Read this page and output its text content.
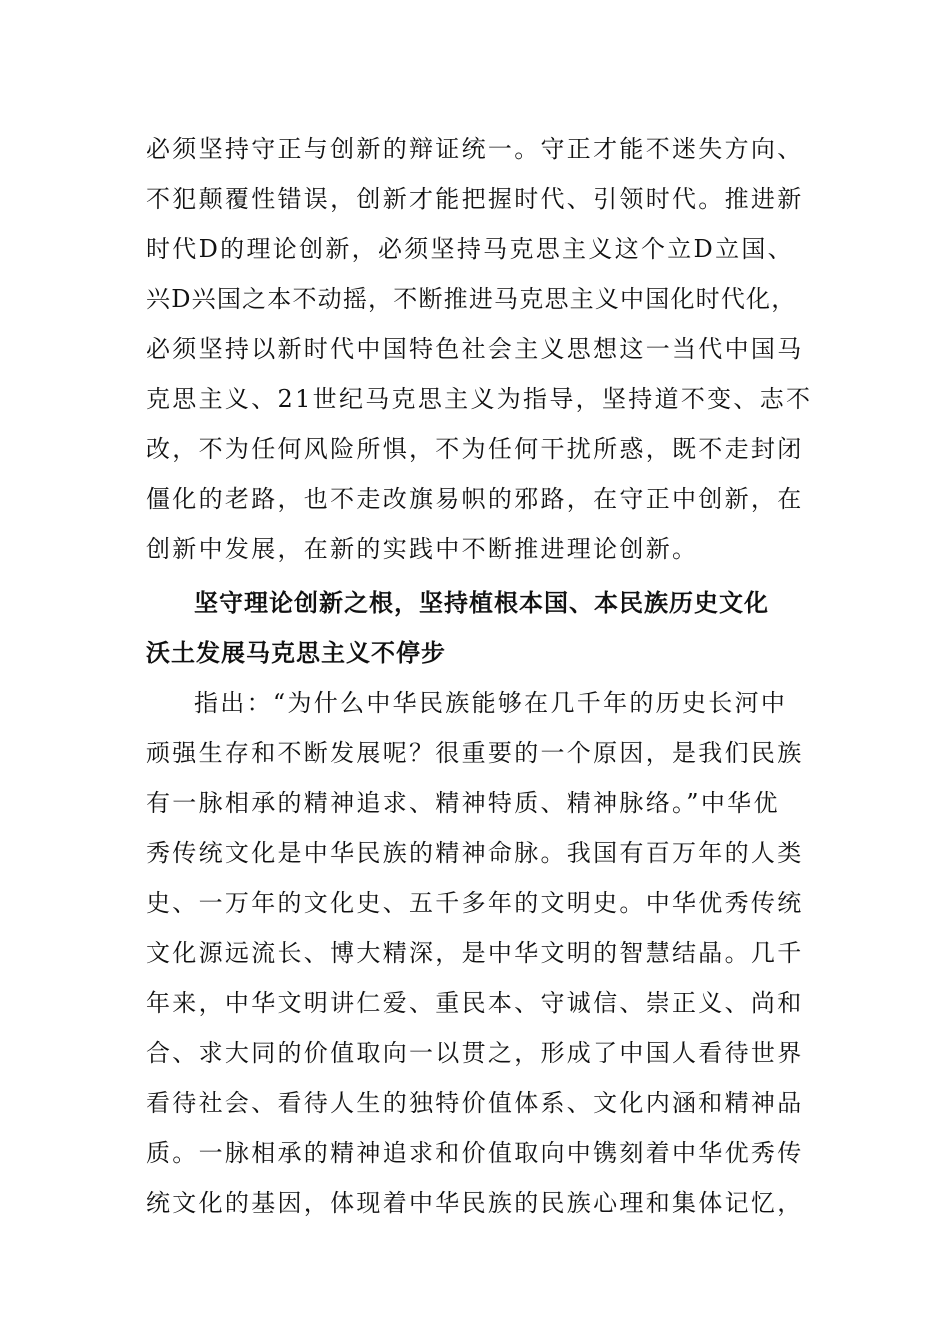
必须坚持守正与创新的辩证统一。守正才能不迷失方向、
不犯颠覆性错误，创新才能把握时代、引领时代。推进新
时代D的理论创新，必须坚持马克思主义这个立D立国、
兴D兴国之本不动摇，不断推进马克思主义中国化时代化，
必须坚持以新时代中国特色社会主义思想这一当代中国马
克思主义、21世纪马克思主义为指导，坚持道不变、志不
改，不为任何风险所惧，不为任何干扰所惑，既不走封闭
僵化的老路，也不走改旗易帜的邪路，在守正中创新，在
创新中发展，在新的实践中不断推进理论创新。
坚守理论创新之根，坚持植根本国、本民族历史文化
沃土发展马克思主义不停步
指出：“为什么中华民族能够在几千年的历史长河中
顽强生存和不断发展呢？很重要的一个原因，是我们民族
有一脉相承的精神追求、精神特质、精神脉络。”中华优
秀传统文化是中华民族的精神命脉。我国有百万年的人类
史、一万年的文化史、五千多年的文明史。中华优秀传统
文化源远流长、博大精深，是中华文明的智慧结晶。几千
年来，中华文明讲仁爱、重民本、守诚信、崇正义、尚和
合、求大同的价值取向一以贯之，形成了中国人看待世界
看待社会、看待人生的独特价值体系、文化内涵和精神品
质。一脉相承的精神追求和价值取向中镌刻着中华优秀传
统文化的基因，体现着中华民族的民族心理和集体记忆，
